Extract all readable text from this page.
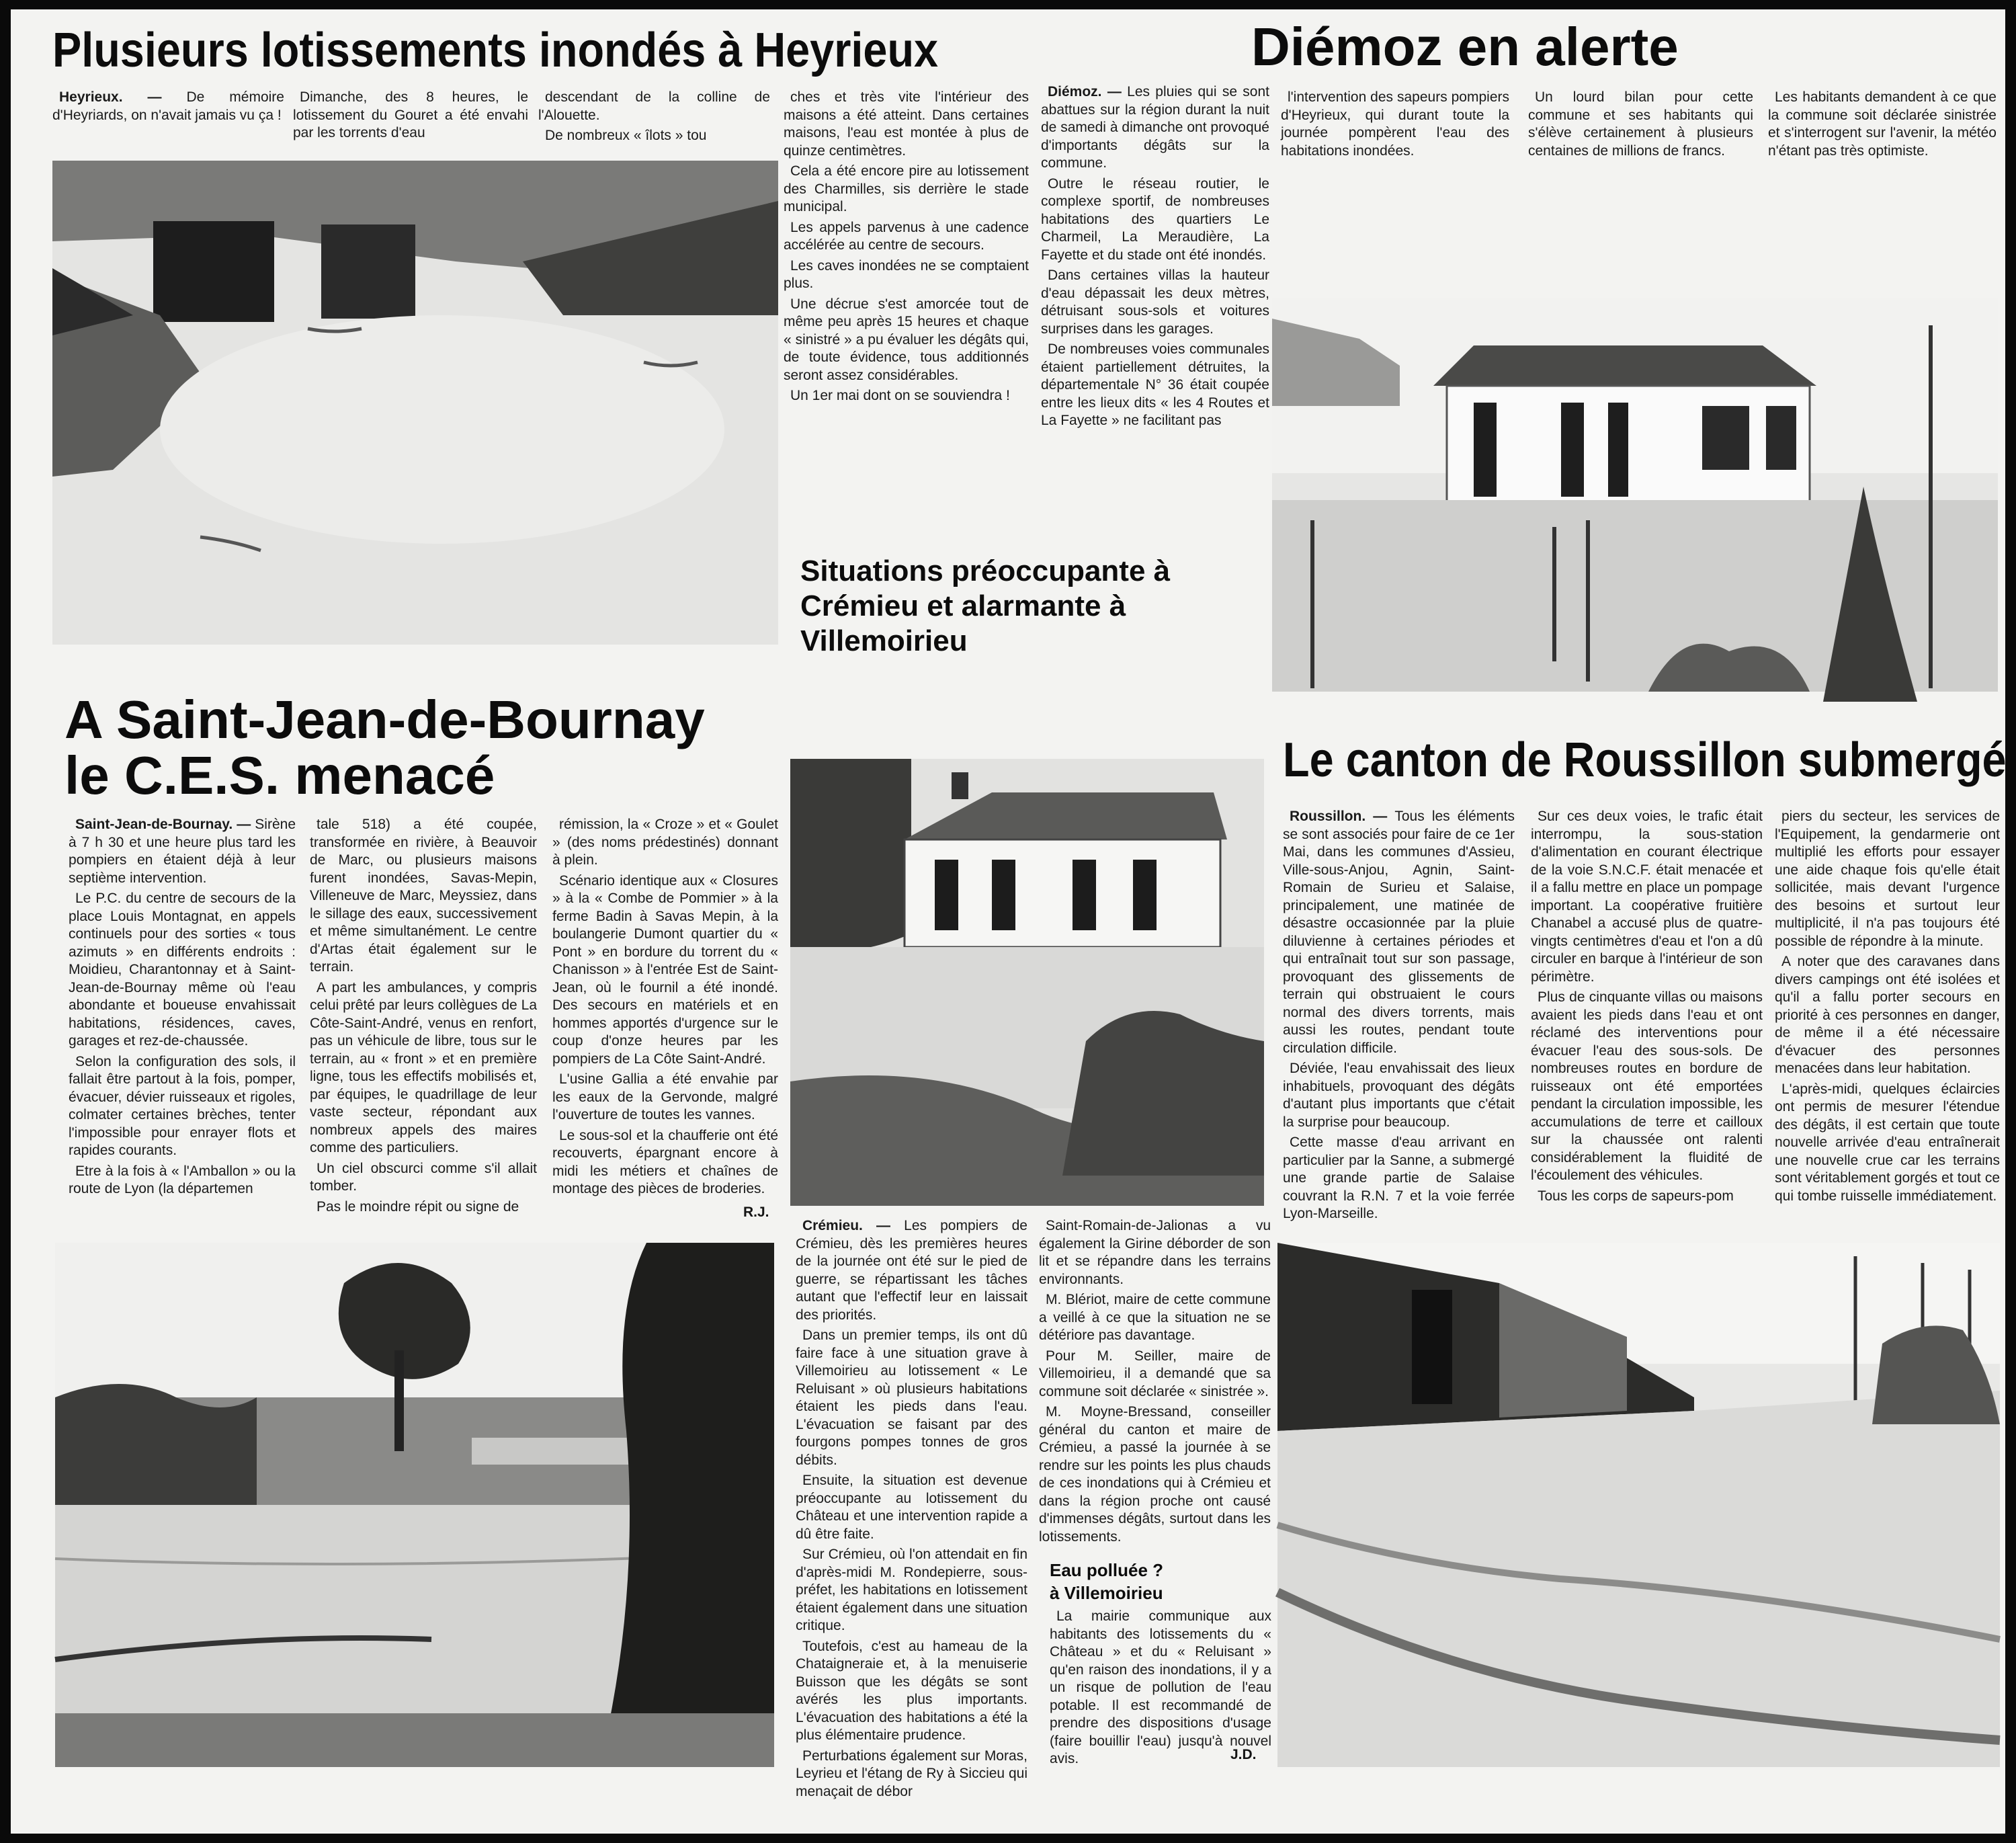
Plusieurs lotissements inondés à Heyrieux

Heyrieux. — De mémoire d'Heyriards, on n'avait jamais vu ça !

Dimanche, des 8 heures, le lotissement du Gouret a été envahi par les torrents d'eau

descendant de la colline de l'Alouette.

De nombreux « îlots » tou

ches et très vite l'intérieur des maisons a été atteint. Dans certaines maisons, l'eau est montée à plus de quinze centimètres.

Cela a été encore pire au lotissement des Charmilles, sis derrière le stade municipal.

Les appels parvenus à une cadence accélérée au centre de secours.

Les caves inondées ne se comptaient plus.

Une décrue s'est amorcée tout de même peu après 15 heures et chaque « sinistré » a pu évaluer les dégâts qui, de toute évidence, tous additionnés seront assez considérables.

Un 1er mai dont on se souviendra !

Diémoz en alerte

Diémoz. — Les pluies qui se sont abattues sur la région durant la nuit de samedi à dimanche ont provoqué d'importants dégâts sur la commune.

Outre le réseau routier, le complexe sportif, de nombreuses habitations des quartiers Le Charmeil, La Meraudière, La Fayette et du stade ont été inondés.

Dans certaines villas la hauteur d'eau dépassait les deux mètres, détruisant sous-sols et voitures surprises dans les garages.

De nombreuses voies communales étaient partiellement détruites, la départementale N° 36 était coupée entre les lieux dits « les 4 Routes et La Fayette » ne facilitant pas

l'intervention des sapeurs pompiers d'Heyrieux, qui durant toute la journée pompèrent l'eau des habitations inondées.

Un lourd bilan pour cette commune et ses habitants qui s'élève certainement à plusieurs centaines de millions de francs.

Les habitants demandent à ce que la commune soit déclarée sinistrée et s'interrogent sur l'avenir, la météo n'étant pas très optimiste.

Situations préoccupante à Crémieu et alarmante à Villemoirieu
A Saint-Jean-de-Bournay
le C.E.S. menacé

Saint-Jean-de-Bournay. — Sirène à 7 h 30 et une heure plus tard les pompiers en étaient déjà à leur septième intervention.

Le P.C. du centre de secours de la place Louis Montagnat, en appels continuels pour des sorties « tous azimuts » en différents endroits : Moidieu, Charantonnay et à Saint-Jean-de-Bournay même où l'eau abondante et boueuse envahissait habitations, résidences, caves, garages et rez-de-chaussée.

Selon la configuration des sols, il fallait être partout à la fois, pomper, évacuer, dévier ruisseaux et rigoles, colmater certaines brèches, tenter l'impossible pour enrayer flots et rapides courants.

Etre à la fois à « l'Amballon » ou la route de Lyon (la départemen

tale 518) a été coupée, transformée en rivière, à Beauvoir de Marc, ou plusieurs maisons furent inondées, Savas-Mepin, Villeneuve de Marc, Meyssiez, dans le sillage des eaux, successivement et même simultanément. Le centre d'Artas était également sur le terrain.

A part les ambulances, y compris celui prêté par leurs collègues de La Côte-Saint-André, venus en renfort, pas un véhicule de libre, tous sur le terrain, au « front » et en première ligne, tous les effectifs mobilisés et, par équipes, le quadrillage de leur vaste secteur, répondant aux nombreux appels des maires comme des particuliers.

Un ciel obscurci comme s'il allait tomber.

Pas le moindre répit ou signe de

rémission, la « Croze » et « Goulet » (des noms prédestinés) donnant à plein.

Scénario identique aux « Closures » à la « Combe de Pommier » à la ferme Badin à Savas Mepin, à la boulangerie Dumont quartier du « Pont » en bordure du torrent du « Chanisson » à l'entrée Est de Saint-Jean, où le fournil a été inondé. Des secours en matériels et en hommes apportés d'urgence sur le coup d'onze heures par les pompiers de La Côte Saint-André.

L'usine Gallia a été envahie par les eaux de la Gervonde, malgré l'ouverture de toutes les vannes.

Le sous-sol et la chaufferie ont été recouverts, épargnant encore à midi les métiers et chaînes de montage des pièces de broderies.

R.J.
Le canton de Roussillon submergé

Roussillon. — Tous les éléments se sont associés pour faire de ce 1er Mai, dans les communes d'Assieu, Ville-sous-Anjou, Agnin, Saint-Romain de Surieu et Salaise, principalement, une matinée de désastre occasionnée par la pluie diluvienne à certaines périodes et qui entraînait tout sur son passage, provoquant des glissements de terrain qui obstruaient le cours normal des divers torrents, mais aussi les routes, pendant toute circulation difficile.

Déviée, l'eau envahissait des lieux inhabituels, provoquant des dégâts d'autant plus importants que c'était la surprise pour beaucoup.

Cette masse d'eau arrivant en particulier par la Sanne, a submergé une grande partie de Salaise couvrant la R.N. 7 et la voie ferrée Lyon-Marseille.

Sur ces deux voies, le trafic était interrompu, la sous-station d'alimentation en courant électrique de la voie S.N.C.F. était menacée et il a fallu mettre en place un pompage important. La coopérative fruitière Chanabel a accusé plus de quatre-vingts centimètres d'eau et l'on a dû circuler en barque à l'intérieur de son périmètre.

Plus de cinquante villas ou maisons avaient les pieds dans l'eau et ont réclamé des interventions pour évacuer l'eau des sous-sols. De nombreuses routes en bordure de ruisseaux ont été emportées pendant la circulation impossible, les accumulations de terre et cailloux sur la chaussée ont ralenti considérablement la fluidité de l'écoulement des véhicules.

Tous les corps de sapeurs-pom

piers du secteur, les services de l'Equipement, la gendarmerie ont multiplié les efforts pour essayer une aide chaque fois qu'elle était sollicitée, mais devant l'urgence des besoins et surtout leur multiplicité, il n'a pas toujours été possible de répondre à la minute.

A noter que des caravanes dans divers campings ont été isolées et qu'il a fallu porter secours en priorité à ces personnes en danger, de même il a été nécessaire d'évacuer des personnes menacées dans leur habitation.

L'après-midi, quelques éclaircies ont permis de mesurer l'étendue des dégâts, il est certain que toute nouvelle arrivée d'eau entraînerait une nouvelle crue car les terrains sont véritablement gorgés et tout ce qui tombe ruisselle immédiatement.

Crémieu. — Les pompiers de Crémieu, dès les premières heures de la journée ont été sur le pied de guerre, se répartissant les tâches autant que l'effectif leur en laissait des priorités.

Dans un premier temps, ils ont dû faire face à une situation grave à Villemoirieu au lotissement « Le Reluisant » où plusieurs habitations étaient les pieds dans l'eau. L'évacuation se faisant par des fourgons pompes tonnes de gros débits.

Ensuite, la situation est devenue préoccupante au lotissement du Château et une intervention rapide a dû être faite.

Sur Crémieu, où l'on attendait en fin d'après-midi M. Rondepierre, sous-préfet, les habitations en lotissement étaient également dans une situation critique.

Toutefois, c'est au hameau de la Chataigneraie et, à la menuiserie Buisson que les dégâts se sont avérés les plus importants. L'évacuation des habitations a été la plus élémentaire prudence.

Perturbations également sur Moras, Leyrieu et l'étang de Ry à Siccieu qui menaçait de débor

Saint-Romain-de-Jalionas a vu également la Girine déborder de son lit et se répandre dans les terrains environnants.

M. Blériot, maire de cette commune a veillé à ce que la situation ne se détériore pas davantage.

Pour M. Seiller, maire de Villemoirieu, il a demandé que sa commune soit déclarée « sinistrée ».

M. Moyne-Bressand, conseiller général du canton et maire de Crémieu, a passé la journée à se rendre sur les points les plus chauds de ces inondations qui à Crémieu et dans la région proche ont causé d'immenses dégâts, surtout dans les lotissements.

Eau polluée ?
à Villemoirieu

La mairie communique aux habitants des lotissements du « Château » et du « Reluisant » qu'en raison des inondations, il y a un risque de pollution de l'eau potable. Il est recommandé de prendre des dispositions d'usage (faire bouillir l'eau) jusqu'à nouvel avis.	J.D.
